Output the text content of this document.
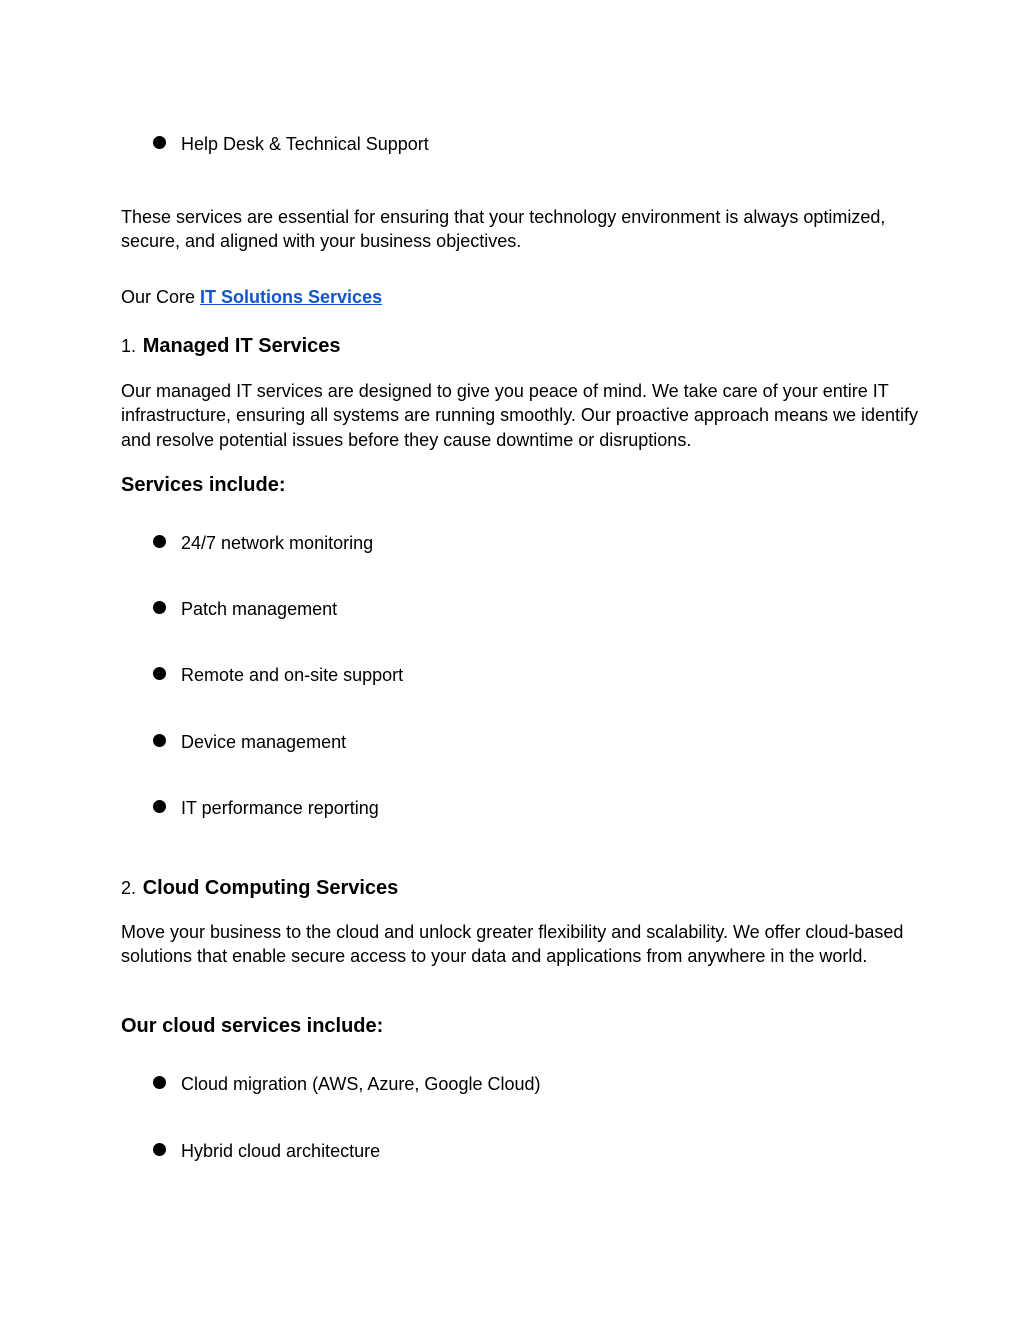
Help Desk & Technical Support

These services are essential for ensuring that your technology environment is always optimized, secure, and aligned with your business objectives.

Our Core IT Solutions Services

1. Managed IT Services

Our managed IT services are designed to give you peace of mind. We take care of your entire IT infrastructure, ensuring all systems are running smoothly. Our proactive approach means we identify and resolve potential issues before they cause downtime or disruptions.

Services include:
24/7 network monitoring
Patch management
Remote and on-site support
Device management
IT performance reporting
2. Cloud Computing Services

Move your business to the cloud and unlock greater flexibility and scalability. We offer cloud-based solutions that enable secure access to your data and applications from anywhere in the world.

Our cloud services include:
Cloud migration (AWS, Azure, Google Cloud)
Hybrid cloud architecture
